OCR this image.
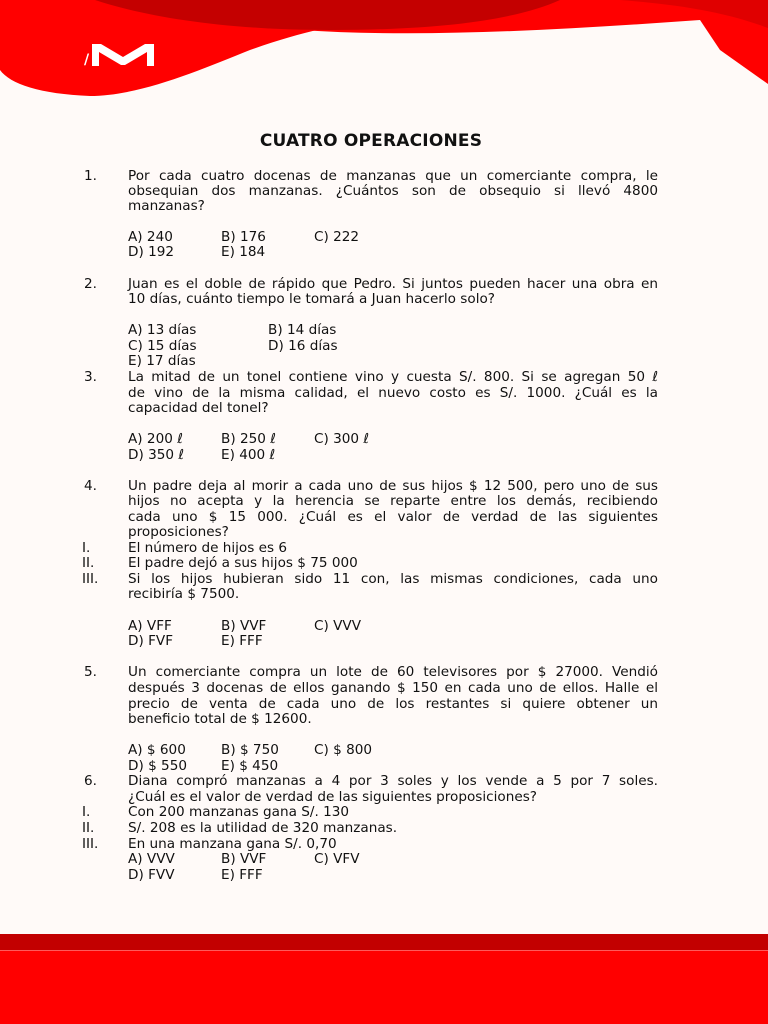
/
CUATRO OPERACIONES
1. Por cada cuatro docenas de manzanas que un comerciante compra, le
obsequian dos manzanas. ¿Cuántos son de obsequio si llevó 4800
manzanas?
A) 240	B) 176	C) 222
D) 192	E) 184
2. Juan es el doble de rápido que Pedro. Si juntos pueden hacer una obra en
10 días, cuánto tiempo le tomará a Juan hacerlo solo?
A) 13 días	B) 14 días
C) 15 días	D) 16 días
E) 17 días
3. La mitad de un tonel contiene vino y cuesta S/. 800. Si se agregan 50 ℓ
de vino de la misma calidad, el nuevo costo es S/. 1000. ¿Cuál es la
capacidad del tonel?
A) 200 ℓ	B) 250 ℓ	C) 300 ℓ
D) 350 ℓ	E) 400 ℓ
4. Un padre deja al morir a cada uno de sus hijos $ 12 500, pero uno de sus
hijos no acepta y la herencia se reparte entre los demás, recibiendo
cada uno $ 15 000. ¿Cuál es el valor de verdad de las siguientes
proposiciones?
I.	El número de hijos es 6
II. El padre dejó a sus hijos $ 75 000
III. Si los hijos hubieran sido 11 con, las mismas condiciones, cada uno
recibiría $ 7500.
A) VFF	B) VVF	C) VVV
D) FVF	E) FFF
5. Un comerciante compra un lote de 60 televisores por $ 27000. Vendió
después 3 docenas de ellos ganando $ 150 en cada uno de ellos. Halle el
precio de venta de cada uno de los restantes si quiere obtener un
beneficio total de $ 12600.
A) $ 600	B) $ 750	C) $ 800
D) $ 550 E) $ 450
6. Diana compró manzanas a 4 por 3 soles y los vende a 5 por 7 soles.
¿Cuál es el valor de verdad de las siguientes proposiciones?
I.	Con 200 manzanas gana S/. 130
II. S/. 208 es la utilidad de 320 manzanas.
III. En una manzana gana S/. 0,70
A) VVV	B) VVF	C) VFV
D) FVV	E) FFF
